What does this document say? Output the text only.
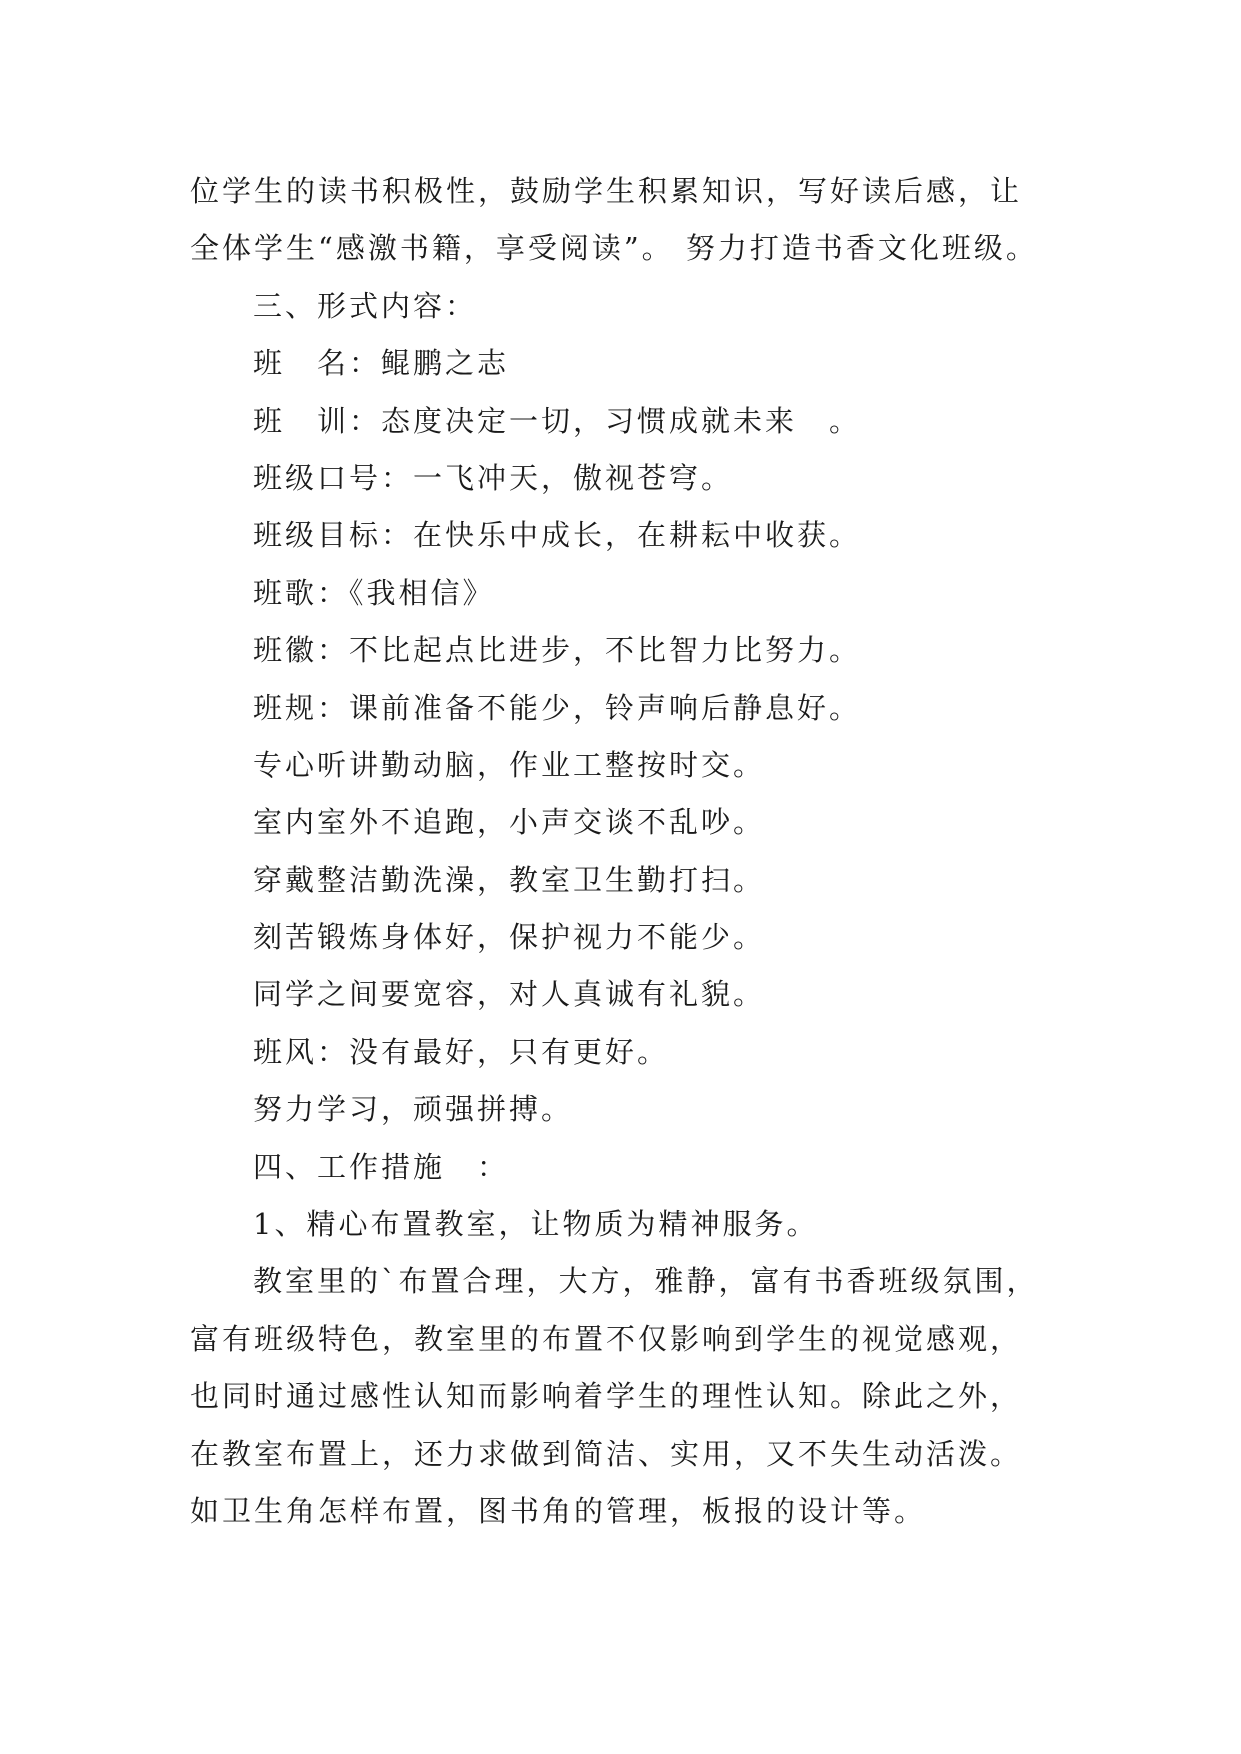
位学生的读书积极性，鼓励学生积累知识，写好读后感，让
全体学生“感激书籍，享受阅读”。 努力打造书香文化班级。
三、形式内容：
班　名：鲲鹏之志
班　训：态度决定一切，习惯成就未来　。
班级口号：一飞冲天，傲视苍穹。
班级目标：在快乐中成长，在耕耘中收获。
班歌：《我相信》
班徽：不比起点比进步，不比智力比努力。
班规：课前准备不能少，铃声响后静息好。
专心听讲勤动脑，作业工整按时交。
室内室外不追跑，小声交谈不乱吵。
穿戴整洁勤洗澡，教室卫生勤打扫。
刻苦锻炼身体好，保护视力不能少。
同学之间要宽容，对人真诚有礼貌。
班风：没有最好，只有更好。
努力学习，顽强拼搏。
四、工作措施　：
1、精心布置教室，让物质为精神服务。
教室里的`布置合理，大方，雅静，富有书香班级氛围，
富有班级特色，教室里的布置不仅影响到学生的视觉感观，
也同时通过感性认知而影响着学生的理性认知。除此之外，
在教室布置上，还力求做到简洁、实用，又不失生动活泼。
如卫生角怎样布置，图书角的管理，板报的设计等。
